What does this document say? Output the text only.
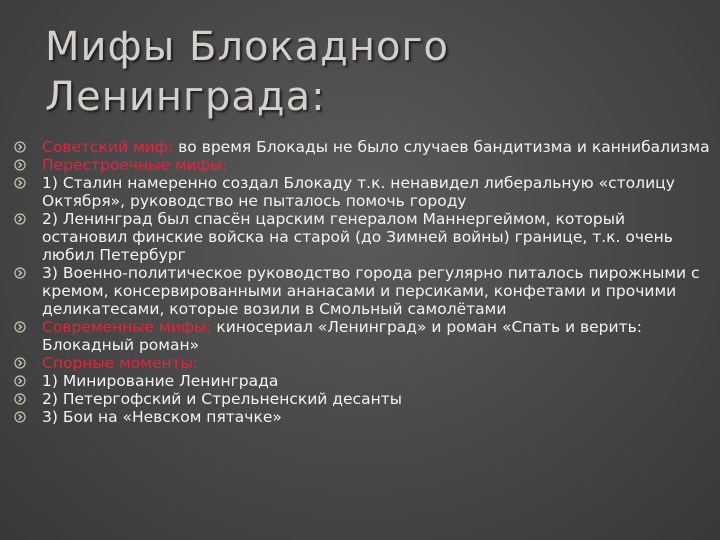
Мифы Блокадного
Ленинграда:
Советский миф: во время Блокады не было случаев бандитизма и каннибализма
Перестроечные мифы:
1) Сталин намеренно создал Блокаду т.к. ненавидел либеральную «столицу Октября», руководство не пыталось помочь городу
2) Ленинград был спасён царским генералом Маннергеймом, который остановил финские войска на старой (до Зимней войны) границе, т.к. очень любил Петербург
3) Военно-политическое руководство города регулярно питалось пирожными с кремом, консервированными ананасами и персиками, конфетами и прочими деликатесами, которые возили в Смольный самолётами
Современные мифы: киносериал «Ленинград» и роман «Спать и верить: Блокадный роман»
Спорные моменты:
1) Минирование Ленинграда
2) Петергофский и Стрельненский десанты
3) Бои на «Невском пятачке»
